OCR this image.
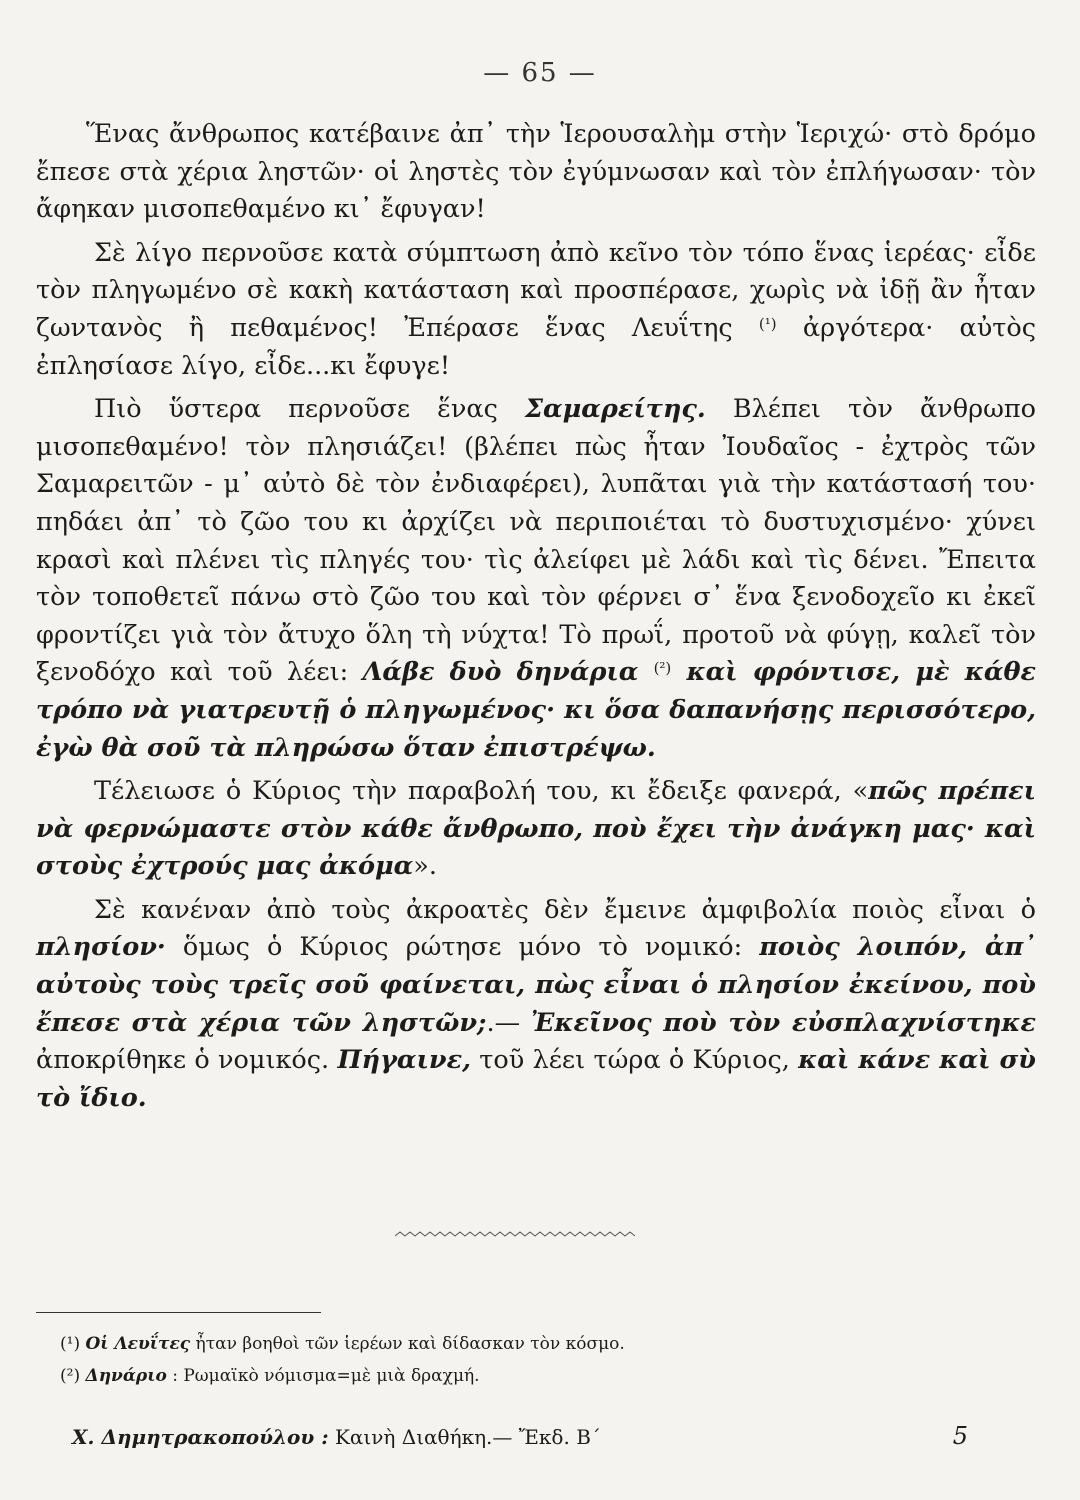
— 65 —

Ἕνας ἄνθρωπος κατέβαινε ἀπ᾿ τὴν Ἱερουσαλὴμ στὴν Ἱεριχώ· στὸ δρόμο ἔπεσε στὰ χέρια ληστῶν· οἱ ληστὲς τὸν ἐγύμνωσαν καὶ τὸν ἐπλήγωσαν· τὸν ἄφηκαν μισοπεθαμένο κι᾿ ἔφυγαν!

Σὲ λίγο περνοῦσε κατὰ σύμπτωση ἀπὸ κεῖνο τὸν τόπο ἕνας ἱερέας· εἶδε τὸν πληγωμένο σὲ κακὴ κατάσταση καὶ προσπέρασε, χωρὶς νὰ ἰδῇ ἂν ἦταν ζωντανὸς ἢ πεθαμένος! Ἐπέρασε ἕνας Λευΐτης $^{(^1)}$ ἀργότερα· αὐτὸς ἐπλησίασε λίγο, εἶδε...κι ἔφυγε!

Πιὸ ὕστερα περνοῦσε ἕνας Σαμαρείτης. Βλέπει τὸν ἄνθρωπο μισοπεθαμένο! τὸν πλησιάζει! (βλέπει πὼς ἦταν Ἰουδαῖος - ἐχτρὸς τῶν Σαμαρειτῶν - μ᾿ αὐτὸ δὲ τὸν ἐνδιαφέρει), λυπᾶται γιὰ τὴν κατάστασή του· πηδάει ἀπ᾿ τὸ ζῶο του κι ἀρχίζει νὰ περιποιέται τὸ δυστυχισμένο· χύνει κρασὶ καὶ πλένει τὶς πληγές του· τὶς ἀλείφει μὲ λάδι καὶ τὶς δένει. Ἔπειτα τὸν τοποθετεῖ πάνω στὸ ζῶο του καὶ τὸν φέρνει σ᾿ ἕνα ξενοδοχεῖο κι ἐκεῖ φροντίζει γιὰ τὸν ἄτυχο ὅλη τὴ νύχτα! Τὸ πρωΐ, προτοῦ νὰ φύγῃ, καλεῖ τὸν ξενοδόχο καὶ τοῦ λέει: Λάβε δυὸ δηνάρια $^{(^2)}$ καὶ φρόντισε, μὲ κάθε τρόπο νὰ γιατρευτῇ ὁ πληγωμένος· κι ὅσα δαπανήσῃς περισσότερο, ἐγὼ θὰ σοῦ τὰ πληρώσω ὅταν ἐπιστρέψω.

Τέλειωσε ὁ Κύριος τὴν παραβολή του, κι ἔδειξε φανερά, «πῶς πρέπει νὰ φερνώμαστε στὸν κάθε ἄνθρωπο, ποὺ ἔχει τὴν ἀνάγκη μας· καὶ στοὺς ἐχτρούς μας ἀκόμα».

Σὲ κανέναν ἀπὸ τοὺς ἀκροατὲς δὲν ἔμεινε ἀμφιβολία ποιὸς εἶναι ὁ πλησίον· ὅμως ὁ Κύριος ρώτησε μόνο τὸ νομικό: ποιὸς λοιπόν, ἀπ᾿ αὐτοὺς τοὺς τρεῖς σοῦ φαίνεται, πὼς εἶναι ὁ πλησίον ἐκείνου, ποὺ ἔπεσε στὰ χέρια τῶν ληστῶν;.— Ἐκεῖνος ποὺ τὸν εὐσπλαχνίστηκε ἀποκρίθηκε ὁ νομικός. Πήγαινε, τοῦ λέει τώρα ὁ Κύριος, καὶ κάνε καὶ σὺ τὸ ἴδιο.

(¹) Οἱ Λευΐτες ἦταν βοηθοὶ τῶν ἱερέων καὶ δίδασκαν τὸν κόσμο.
(²) Δηνάριο : Ρωμαϊκὸ νόμισμα=μὲ μιὰ δραχμή.
Χ. Δημητρακοπούλου : Καινὴ Διαθήκη.— Ἔκδ. Β΄	5
